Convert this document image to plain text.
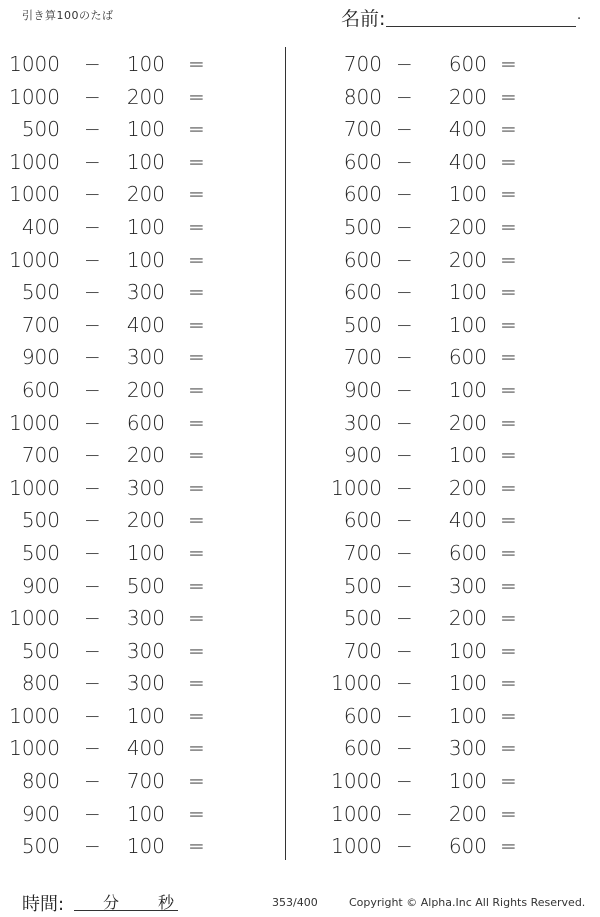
引き算100のたば	名前:	.
1000 − 100 =
1000 − 200 =
500 − 100 =
1000 − 100 =
1000 − 200 =
400 − 100 =
1000 − 100 =
500 − 300 =
700 − 400 =
900 − 300 =
600 − 200 =
1000 − 600 =
700 − 200 =
1000 − 300 =
500 − 200 =
500 − 100 =
900 − 500 =
1000 − 300 =
500 − 300 =
800 − 300 =
1000 − 100 =
1000 − 400 =
800 − 700 =
900 − 100 =
500 − 100 =
700 − 600 =
800 − 200 =
700 − 400 =
600 − 400 =
600 − 100 =
500 − 200 =
600 − 200 =
600 − 100 =
500 − 100 =
700 − 600 =
900 − 100 =
300 − 200 =
900 − 100 =
1000 − 200 =
600 − 400 =
700 − 600 =
500 − 300 =
500 − 200 =
700 − 100 =
1000 − 100 =
600 − 100 =
600 − 300 =
1000 − 100 =
1000 − 200 =
1000 − 600 =
時間: 分 秒	353/400	Copyright © Alpha.Inc All Rights Reserved.
